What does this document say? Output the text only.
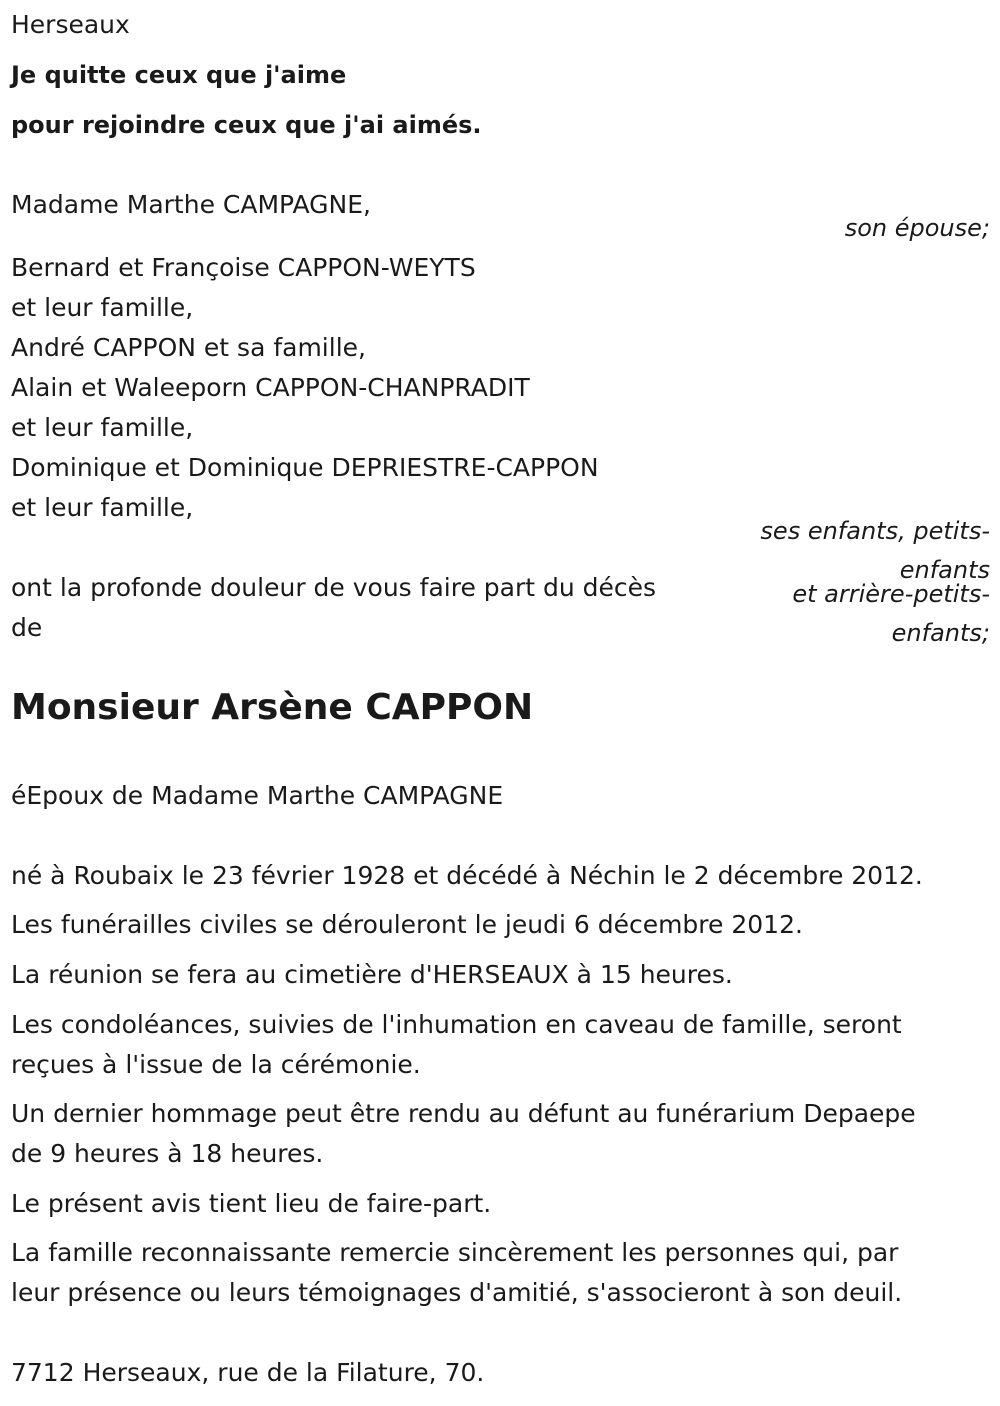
Herseaux

Je quitte ceux que j'aime

pour rejoindre ceux que j'ai aimés.

Madame Marthe CAMPAGNE,

son épouse;

Bernard et Françoise CAPPON-WEYTS

et leur famille,

André CAPPON et sa famille,

Alain et Waleeporn CAPPON-CHANPRADIT

et leur famille,

Dominique et Dominique DEPRIESTRE-CAPPON

et leur famille,

ses enfants, petits-

enfants

et arrière-petits-

enfants;

ont la profonde douleur de vous faire part du décès

de

Monsieur Arsène CAPPON

éEpoux de Madame Marthe CAMPAGNE

né à Roubaix le 23 février 1928 et décédé à Néchin le 2 décembre 2012.

Les funérailles civiles se dérouleront le jeudi 6 décembre 2012.

La réunion se fera au cimetière d'HERSEAUX à 15 heures.

Les condoléances, suivies de l'inhumation en caveau de famille, seront

reçues à l'issue de la cérémonie.

Un dernier hommage peut être rendu au défunt au funérarium Depaepe

de 9 heures à 18 heures.

Le présent avis tient lieu de faire-part.

La famille reconnaissante remercie sincèrement les personnes qui, par

leur présence ou leurs témoignages d'amitié, s'associeront à son deuil.

7712 Herseaux, rue de la Filature, 70.
